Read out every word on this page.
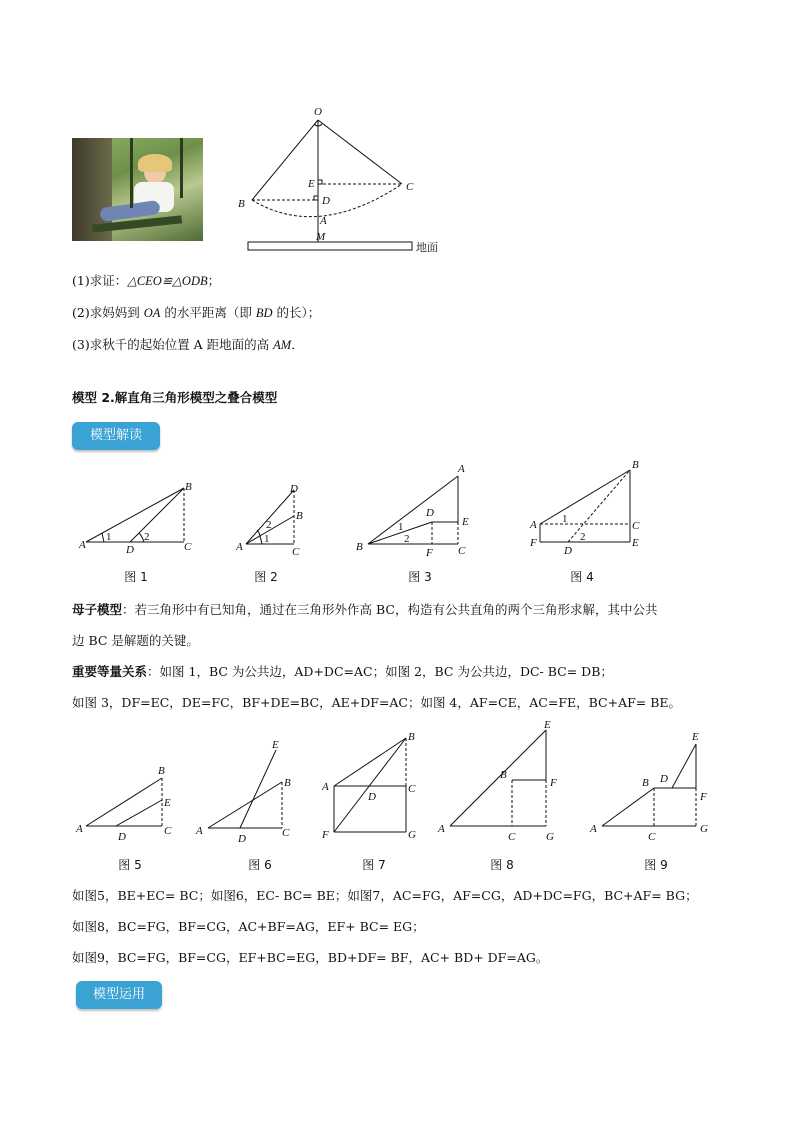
O
E	C
B	D
A
M
地面
(1)求证：△CEO≌△ODB；
(2)求妈妈到 OA 的水平距离（即 BD 的长）；
(3)求秋千的起始位置 A 距地面的高 AM．
模型 2.解直角三角形模型之叠合模型
模型解读
A	D	C
B
1	2
A	C
B
D
1
2
B	C
A
E
D
F
1
2
A
F
B
C
E
D
1
2
图 1	图 2	图 3	图 4
母子模型：若三角形中有已知角，通过在三角形外作高 BC，构造有公共直角的两个三角形求解，其中公共
边 BC 是解题的关键。
重要等量关系：如图 1，BC 为公共边，AD+DC=AC；如图 2，BC 为公共边，DC- BC= DB；
如图 3，DF=EC，DE=FC，BF+DE=BC，AE+DF=AC；如图 4，AF=CE，AC=FE，BC+AF= BE。
A
B
E
C
D	A
E
B
C
D
A
B
C
F	G
D
A
E
B
F
C	G
A
E
B D
F
C
G
图 5	图 6	图 7	图 8	图 9
如图5，BE+EC= BC；如图6，EC- BC= BE；如图7，AC=FG，AF=CG，AD+DC=FG，BC+AF= BG；
如图8，BC=FG，BF=CG，AC+BF=AG，EF+ BC= EG；
如图9，BC=FG，BF=CG，EF+BC=EG，BD+DF= BF，AC+ BD+ DF=AG。
模型运用
